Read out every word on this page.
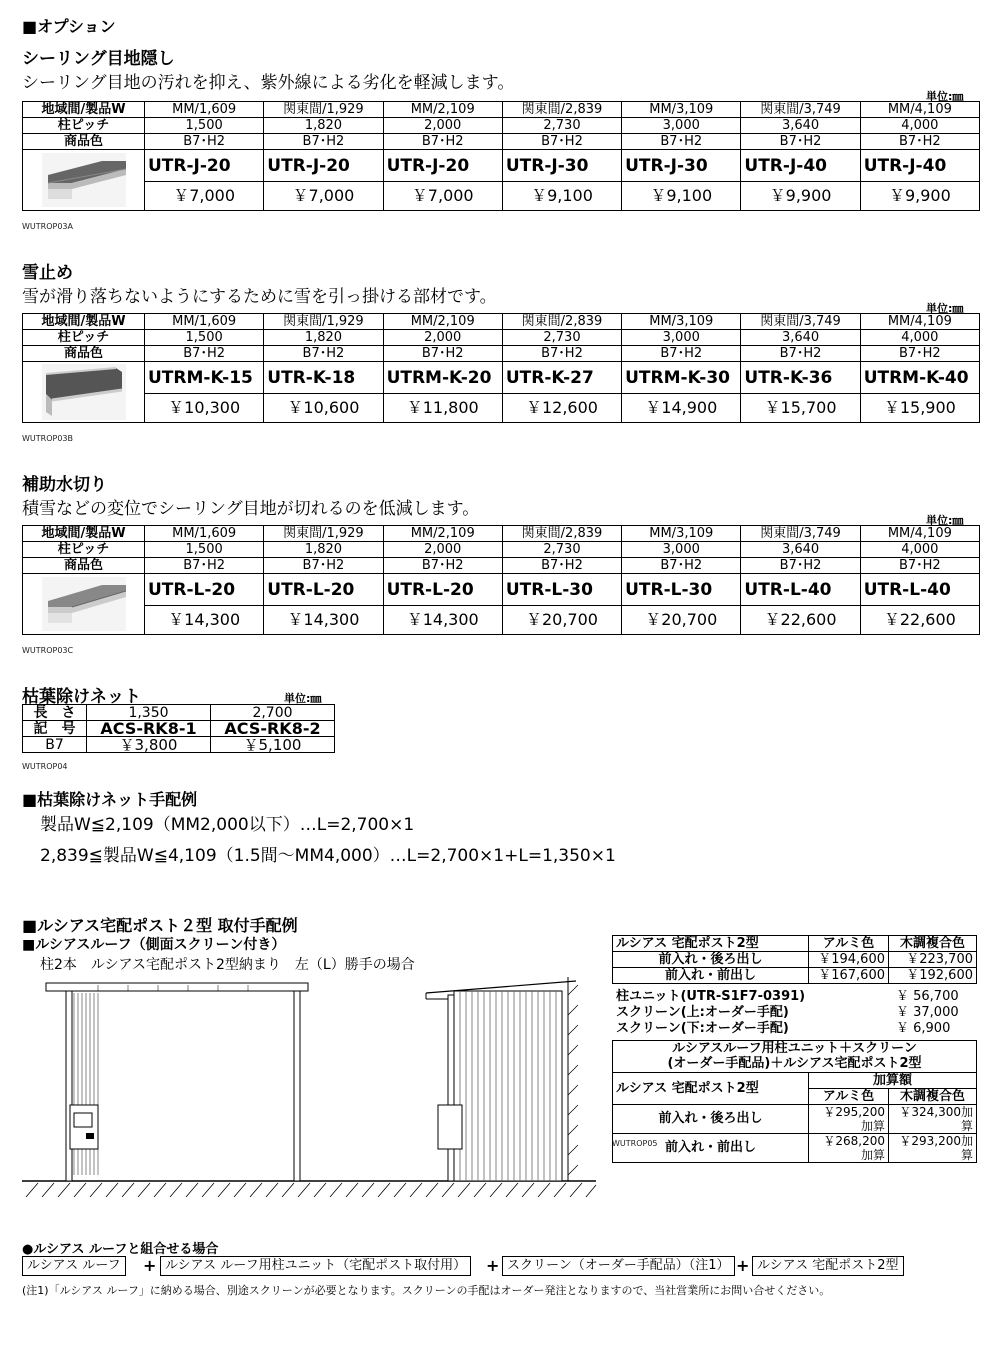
■オプション
シーリング目地隠し
シーリング目地の汚れを抑え、紫外線による劣化を軽減します。
単位:㎜
地域間/製品W	MM/1,609	関東間/1,929	MM/2,109	関東間/2,839	MM/3,109	関東間/3,749	MM/4,109
柱ピッチ	1,500	1,820	2,000	2,730	3,000	3,640	4,000
商品色	B7･H2	B7･H2	B7･H2	B7･H2	B7･H2	B7･H2	B7･H2

	UTR-J-20	UTR-J-20	UTR-J-20	UTR-J-30	UTR-J-30	UTR-J-40	UTR-J-40
	￥7,000	￥7,000	￥7,000	￥9,100	￥9,100	￥9,900	￥9,900
WUTROP03A
雪止め
雪が滑り落ちないようにするために雪を引っ掛ける部材です。
単位:㎜
地域間/製品W	MM/1,609	関東間/1,929	MM/2,109	関東間/2,839	MM/3,109	関東間/3,749	MM/4,109
柱ピッチ	1,500	1,820	2,000	2,730	3,000	3,640	4,000
商品色	B7･H2	B7･H2	B7･H2	B7･H2	B7･H2	B7･H2	B7･H2

	UTRM-K-15	UTR-K-18	UTRM-K-20	UTR-K-27	UTRM-K-30	UTR-K-36	UTRM-K-40
	￥10,300	￥10,600	￥11,800	￥12,600	￥14,900	￥15,700	￥15,900
WUTROP03B
補助水切り
積雪などの変位でシーリング目地が切れるのを低減します。
単位:㎜
地域間/製品W	MM/1,609	関東間/1,929	MM/2,109	関東間/2,839	MM/3,109	関東間/3,749	MM/4,109
柱ピッチ	1,500	1,820	2,000	2,730	3,000	3,640	4,000
商品色	B7･H2	B7･H2	B7･H2	B7･H2	B7･H2	B7･H2	B7･H2

	UTR-L-20	UTR-L-20	UTR-L-20	UTR-L-30	UTR-L-30	UTR-L-40	UTR-L-40
	￥14,300	￥14,300	￥14,300	￥20,700	￥20,700	￥22,600	￥22,600
WUTROP03C
枯葉除けネット	単位:㎜
長　さ	1,350	2,700
記　号	ACS-RK8-1	ACS-RK8-2
B7	￥3,800	￥5,100
WUTROP04
■枯葉除けネット手配例
製品W≦2,109（MM2,000以下）…L=2,700×1
2,839≦製品W≦4,109（1.5間～MM4,000）…L=2,700×1+L=1,350×1
■ルシアス宅配ポスト２型 取付手配例
■ルシアスルーフ（側面スクリーン付き）
柱2本　ルシアス宅配ポスト2型納まり　左（L）勝手の場合
ルシアス 宅配ポスト2型	アルミ色	木調複合色
前入れ・後ろ出し	￥194,600	￥223,700
前入れ・前出し	￥167,600	￥192,600
柱ユニット(UTR-S1F7-0391)	￥ 56,700
スクリーン(上:オーダー手配)	￥ 37,000
スクリーン(下:オーダー手配)	￥ 6,900
ルシアスルーフ用柱ユニット＋スクリーン		
(オーダー手配品)＋ルシアス宅配ポスト2型		
ルシアス 宅配ポスト2型	加算額	
	アルミ色	木調複合色
前入れ・後ろ出し	￥295,200加算	￥324,300加算
前入れ・前出し	￥268,200加算	￥293,200加算
WUTROP05
●ルシアス ルーフと組合せる場合
ルシアス ルーフ	+ ルシアス ルーフ用柱ユニット（宅配ポスト取付用）	+ スクリーン（オーダー手配品）（注1） + ルシアス 宅配ポスト2型
(注1)「ルシアス ルーフ」に納める場合、別途スクリーンが必要となります。スクリーンの手配はオーダー発注となりますので、当社営業所にお問い合せください。
